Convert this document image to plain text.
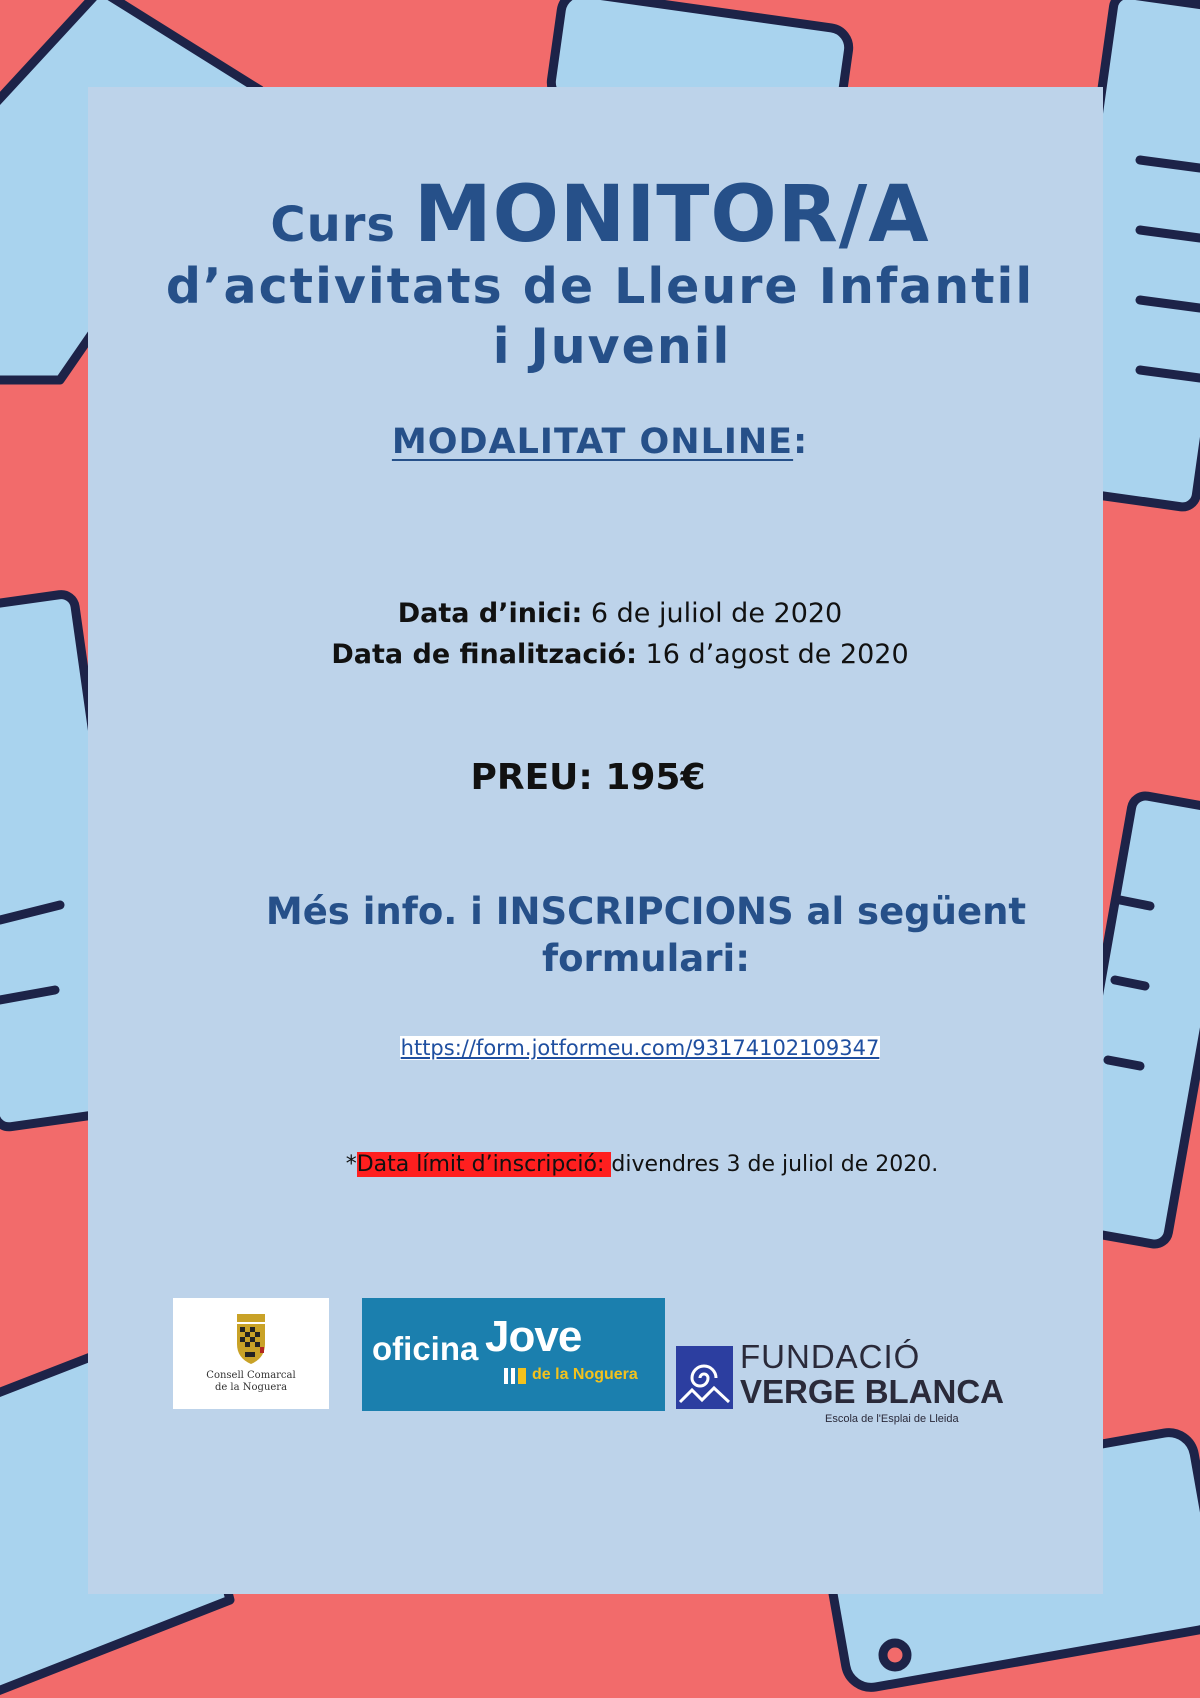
Curs MONITOR/A
d’activitats de Lleure Infantil
i Juvenil
MODALITAT ONLINE:
Data d’inici: 6 de juliol de 2020
Data de finalització: 16 d’agost de 2020
PREU: 195€
Més info. i INSCRIPCIONS al següent
formulari:
https://form.jotformeu.com/93174102109347
*Data límit d’inscripció: divendres 3 de juliol de 2020.
Consell Comarcal
de la Noguera
oficina Jove
de la Noguera	FUNDACIÓ
VERGE BLANCA
Escola de l'Esplai de Lleida
